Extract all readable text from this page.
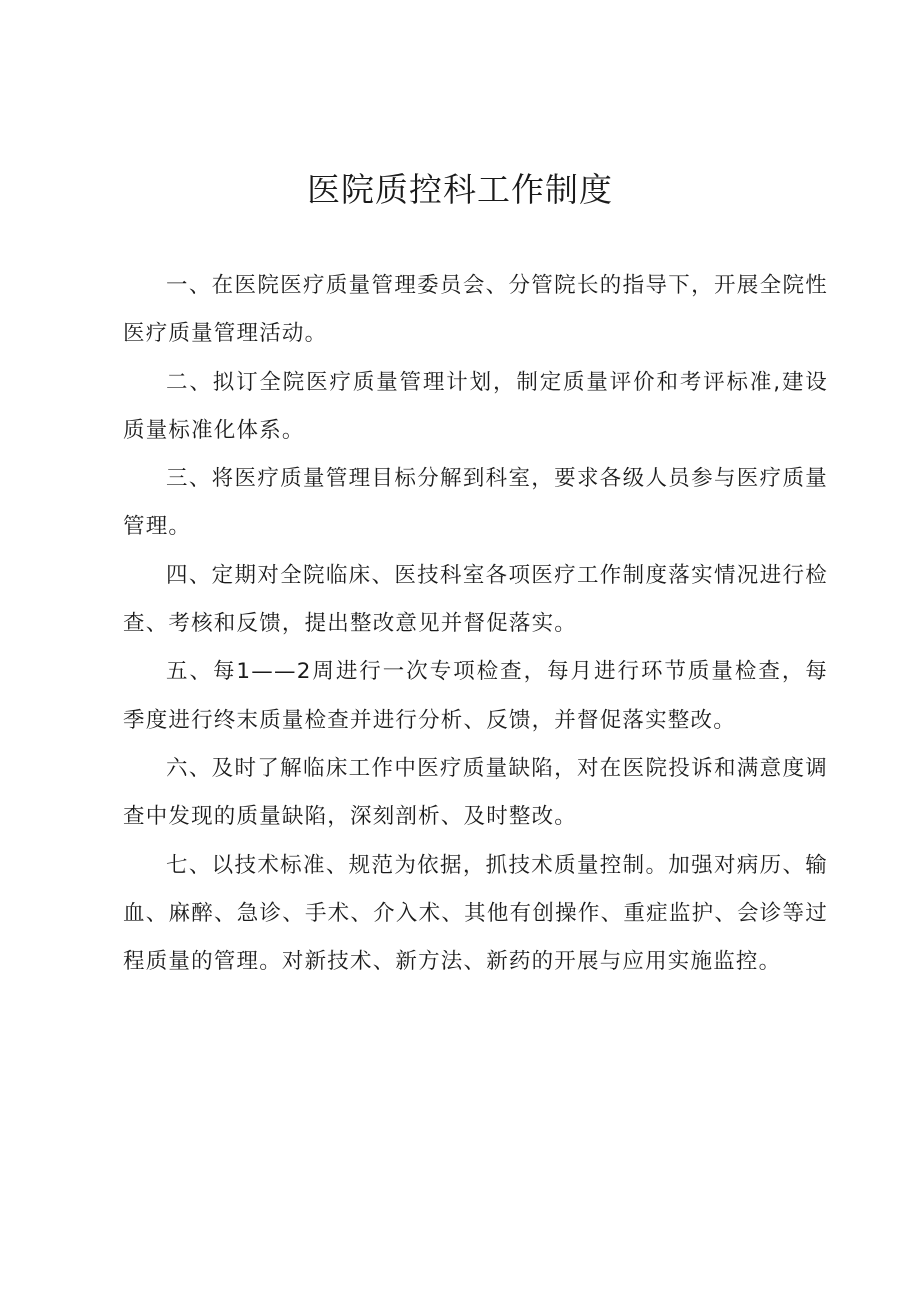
医院质控科工作制度

一、在医院医疗质量管理委员会、分管院长的指导下，开展全院性医疗质量管理活动。

二、拟订全院医疗质量管理计划，制定质量评价和考评标准,建设质量标准化体系。

三、将医疗质量管理目标分解到科室，要求各级人员参与医疗质量管理。

四、定期对全院临床、医技科室各项医疗工作制度落实情况进行检查、考核和反馈，提出整改意见并督促落实。

五、每1——2周进行一次专项检查，每月进行环节质量检查，每季度进行终末质量检查并进行分析、反馈，并督促落实整改。

六、及时了解临床工作中医疗质量缺陷，对在医院投诉和满意度调查中发现的质量缺陷，深刻剖析、及时整改。

七、以技术标准、规范为依据，抓技术质量控制。加强对病历、输血、麻醉、急诊、手术、介入术、其他有创操作、重症监护、会诊等过程质量的管理。对新技术、新方法、新药的开展与应用实施监控。
